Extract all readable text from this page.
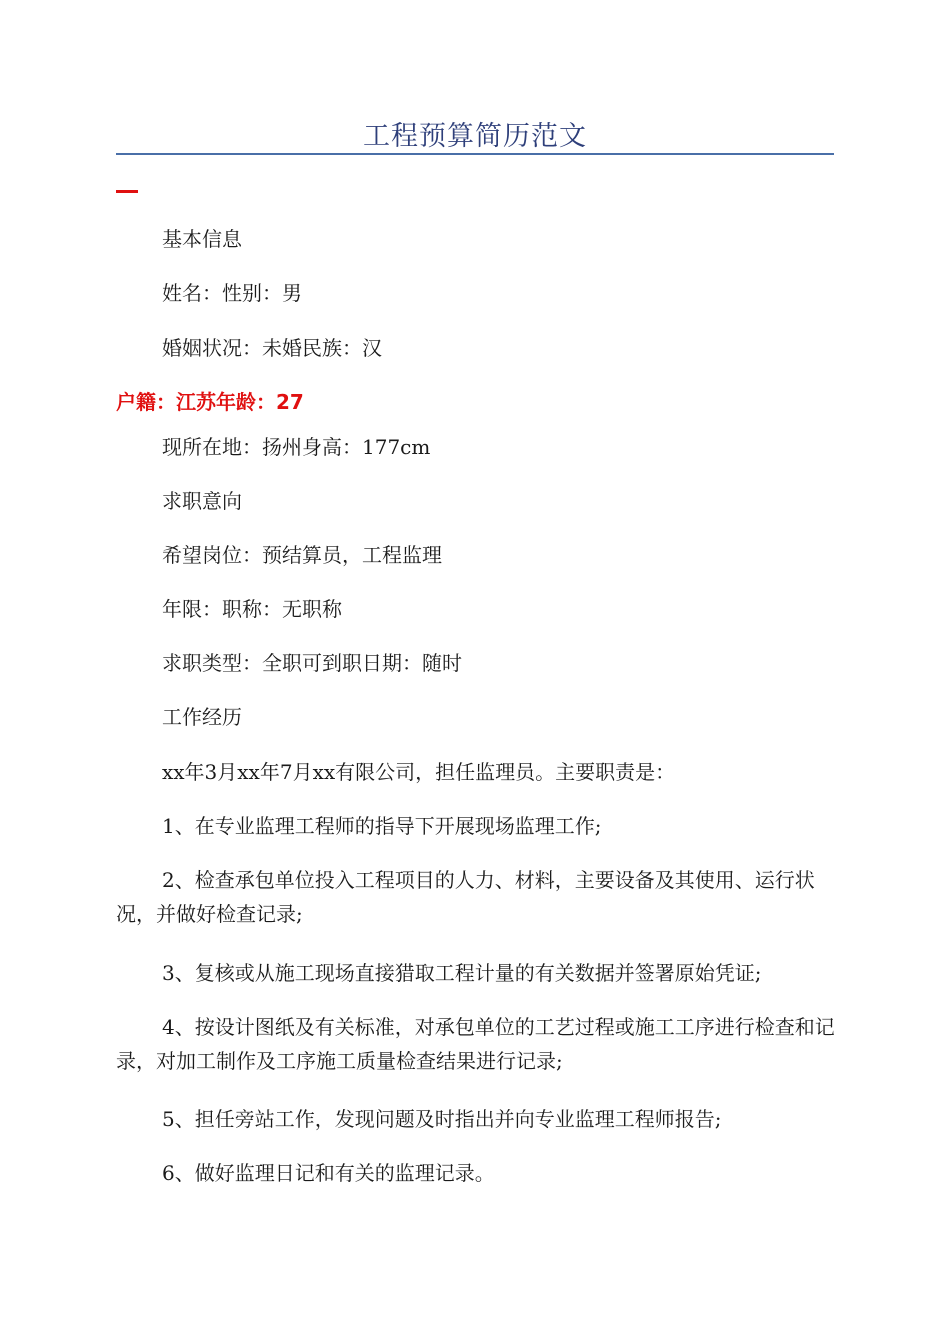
工程预算简历范文
基本信息
姓名：性别：男
婚姻状况：未婚民族：汉
户籍：江苏年龄：27
现所在地：扬州身高：177cm
求职意向
希望岗位：预结算员，工程监理
年限：职称：无职称
求职类型：全职可到职日期：随时
工作经历
xx年3月xx年7月xx有限公司，担任监理员。主要职责是：
1、在专业监理工程师的指导下开展现场监理工作;
2、检查承包单位投入工程项目的人力、材料，主要设备及其使用、运行状况，并做好检查记录;
3、复核或从施工现场直接猎取工程计量的有关数据并签署原始凭证;
4、按设计图纸及有关标准，对承包单位的工艺过程或施工工序进行检查和记录，对加工制作及工序施工质量检查结果进行记录;
5、担任旁站工作，发现问题及时指出并向专业监理工程师报告;
6、做好监理日记和有关的监理记录。
